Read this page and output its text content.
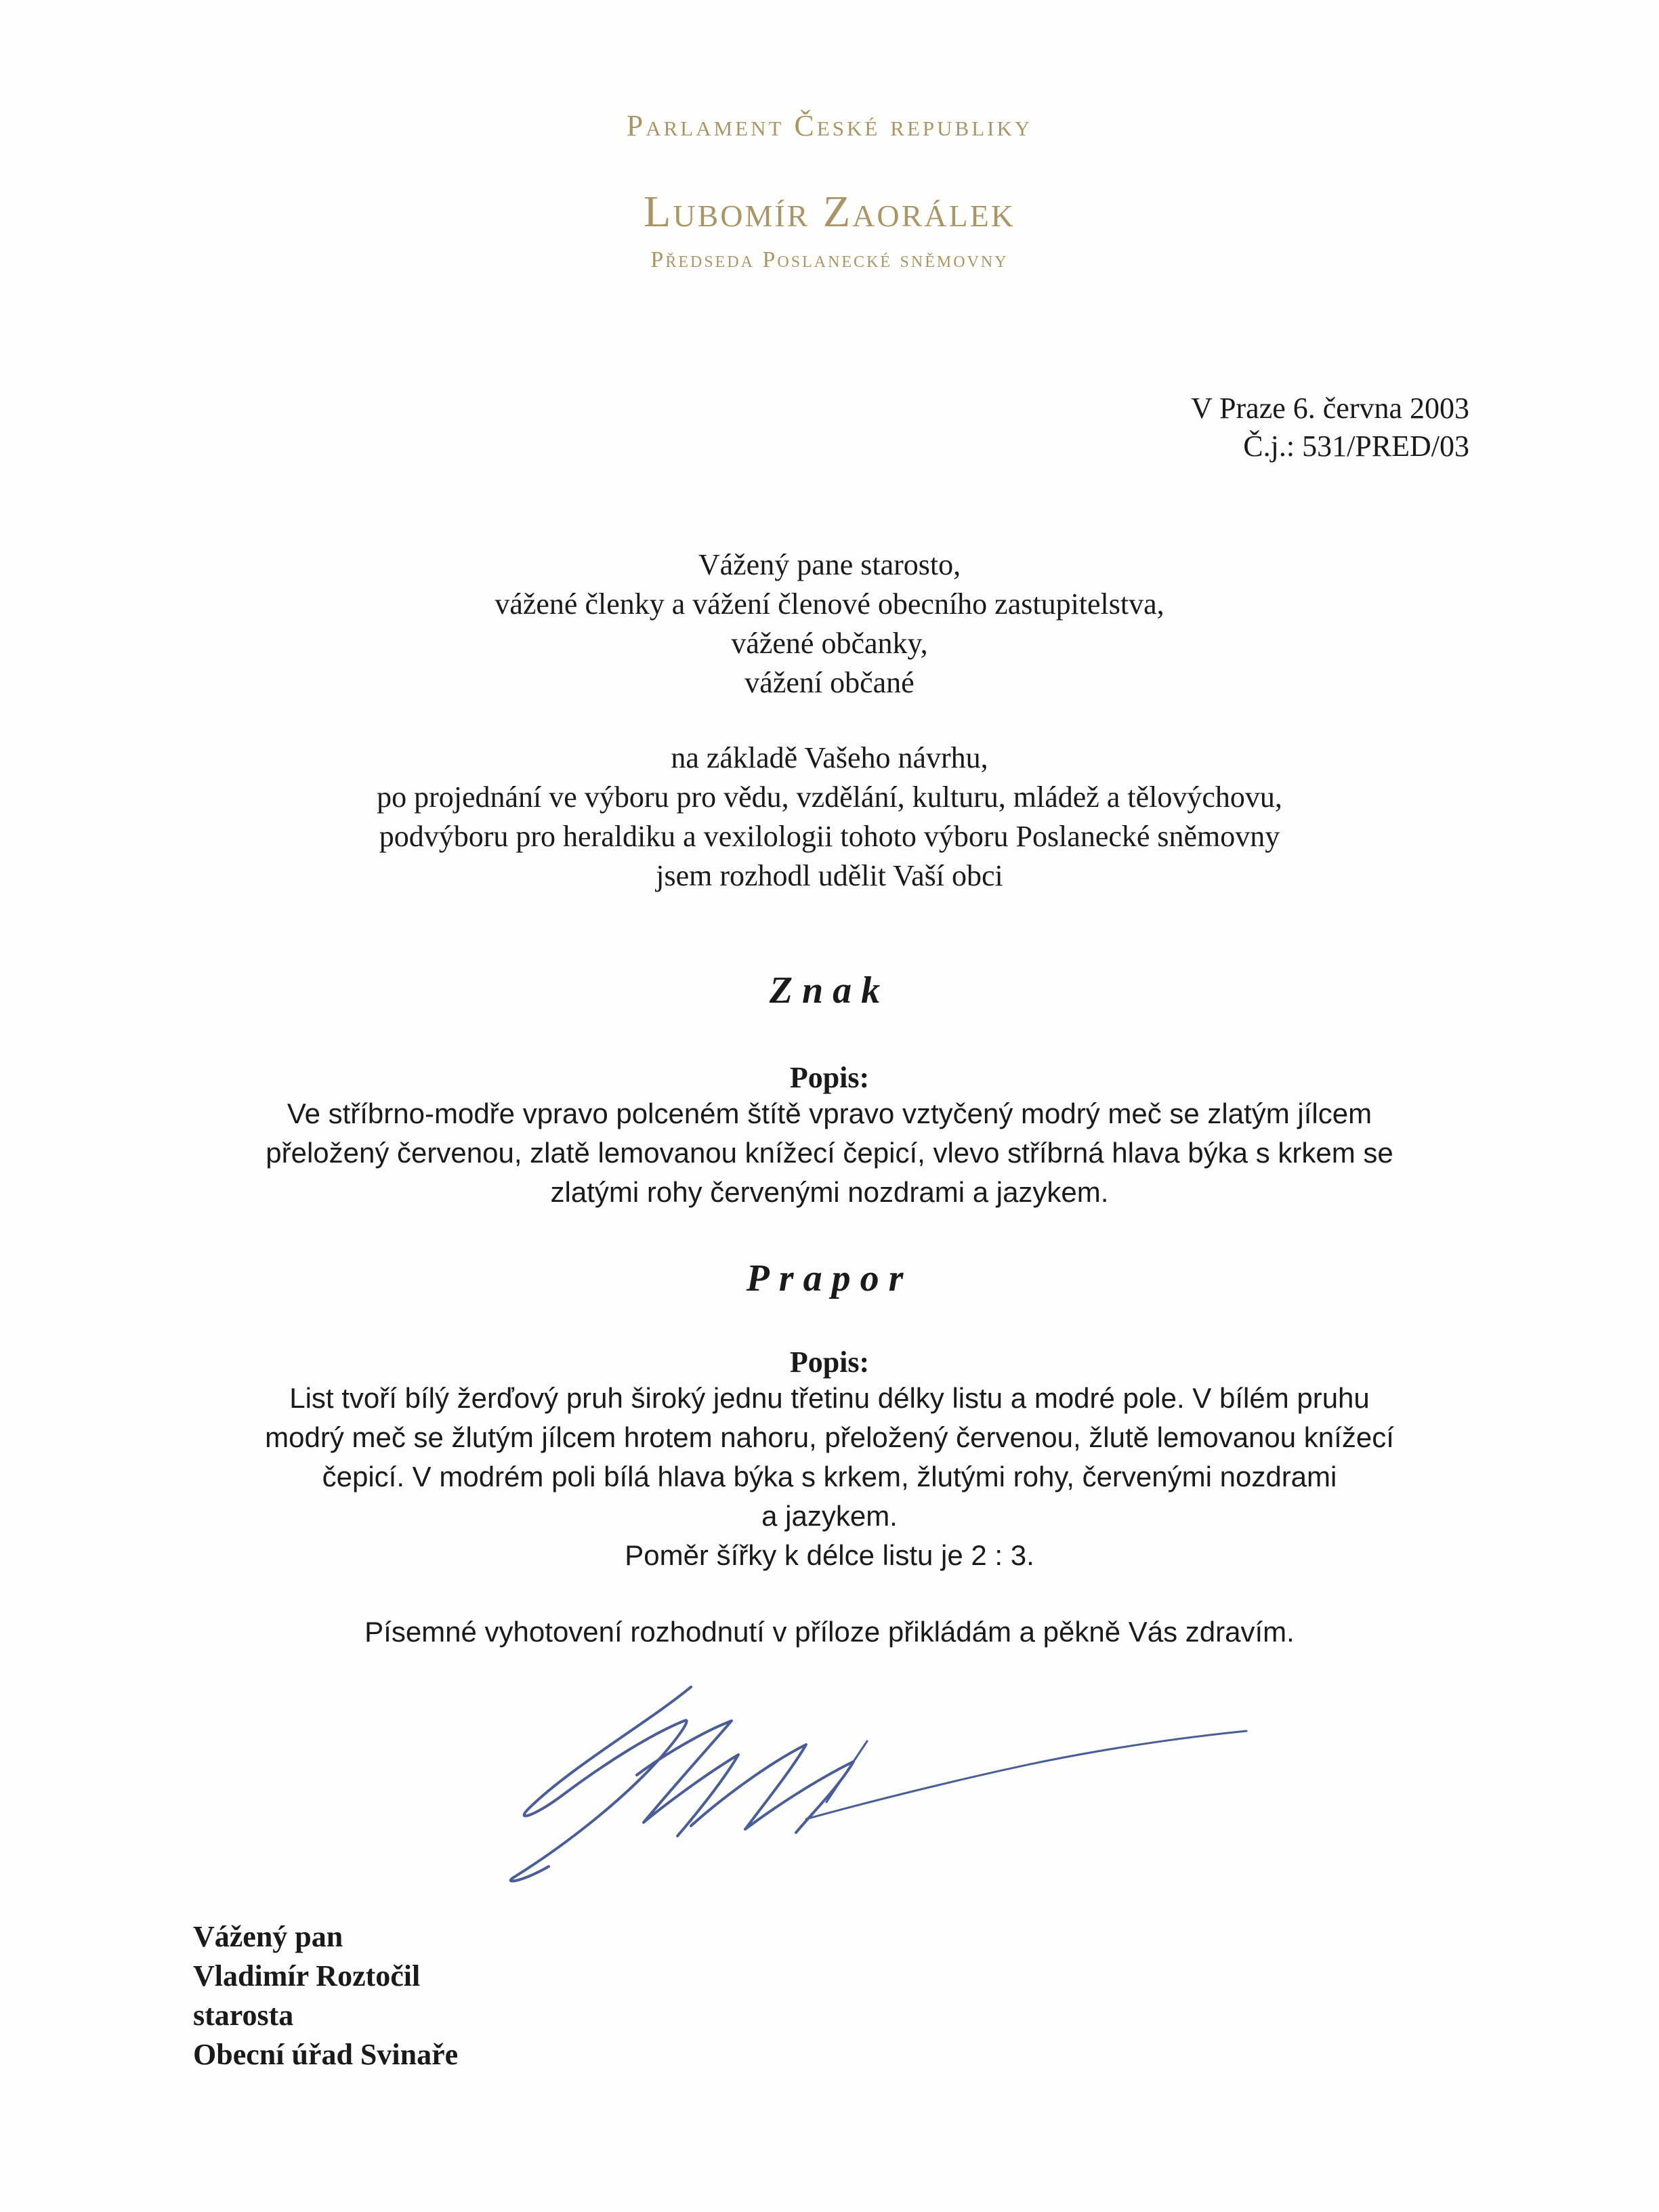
Parlament České republiky
Lubomír Zaorálek
Předseda Poslanecké sněmovny
V Praze 6. června 2003
Č.j.: 531/PRED/03
Vážený pane starosto,
vážené členky a vážení členové obecního zastupitelstva,
vážené občanky,
vážení občané
na základě Vašeho návrhu,
po projednání ve výboru pro vědu, vzdělání, kulturu, mládež a tělovýchovu,
podvýboru pro heraldiku a vexilologii tohoto výboru Poslanecké sněmovny
jsem rozhodl udělit Vaší obci
Znak
Popis:
Ve stříbrno-modře vpravo polceném štítě vpravo vztyčený modrý meč se zlatým jílcem
přeložený červenou, zlatě lemovanou knížecí čepicí, vlevo stříbrná hlava býka s krkem se
zlatými rohy červenými nozdrami a jazykem.
Prapor
Popis:
List tvoří bílý žerďový pruh široký jednu třetinu délky listu a modré pole. V bílém pruhu
modrý meč se žlutým jílcem hrotem nahoru, přeložený červenou, žlutě lemovanou knížecí
čepicí. V modrém poli bílá hlava býka s krkem, žlutými rohy, červenými nozdrami
a jazykem.
Poměr šířky k délce listu je 2 : 3.
Písemné vyhotovení rozhodnutí v příloze přikládám a pěkně Vás zdravím.
Vážený pan
Vladimír Roztočil
starosta
Obecní úřad Svinaře
